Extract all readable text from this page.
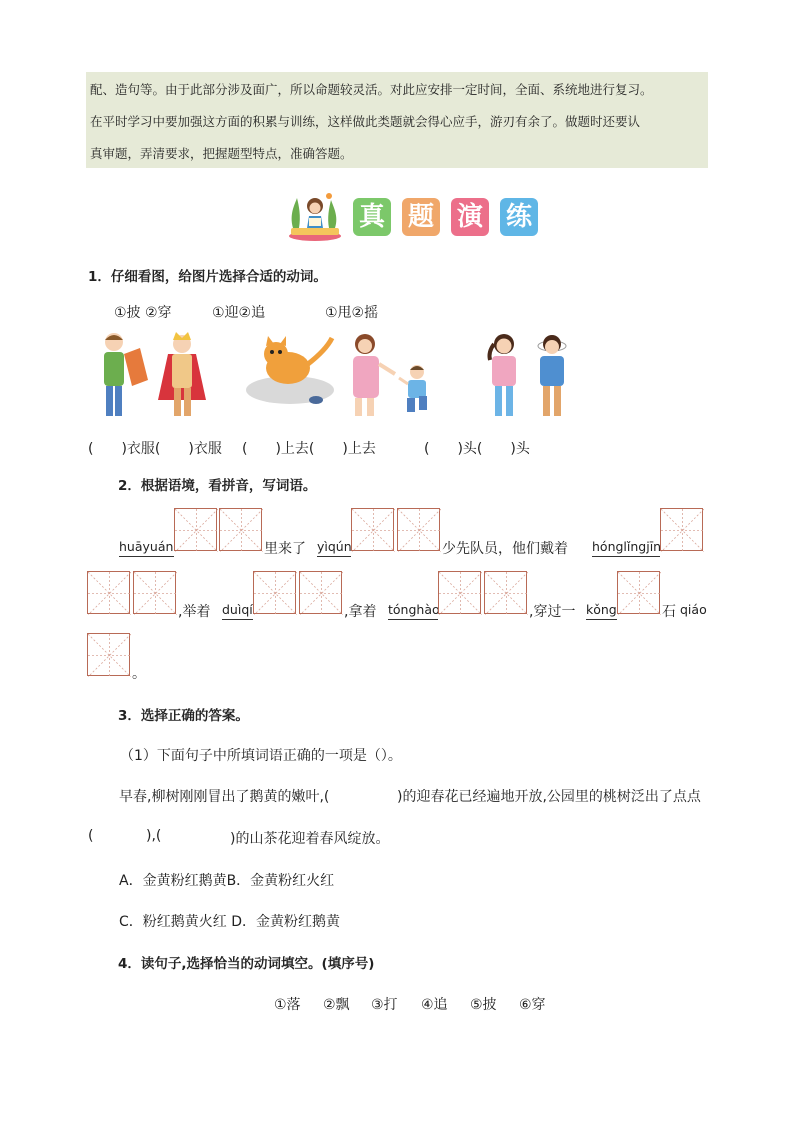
配、造句等。由于此部分涉及面广，所以命题较灵活。对此应安排一定时间，全面、系统地进行复习。
在平时学习中要加强这方面的积累与训练，这样做此类题就会得心应手，游刃有余了。做题时还要认
真审题，弄清要求，把握题型特点，准确答题。
真 题 演 练
1．仔细看图，给图片选择合适的动词。
①披 ②穿	①迎②追	①甩②摇
(　　)衣服(　　)衣服 (　　)上去(　　)上去	(　　)头(　　)头
2．根据语境，看拼音，写词语。
huāyuán	里来了 yìqún	少先队员，他们戴着 hónglǐngjīn
,举着 duìqí	,拿着 tónghào	,穿过一 kǒng	石 qiáo
。
3．选择正确的答案。
（1）下面句子中所填词语正确的一项是（）。
早春,柳树刚刚冒出了鹅黄的嫩叶,(	)的迎春花已经遍地开放,公园里的桃树泛出了点点
(	),(	)的山茶花迎着春风绽放。
A．金黄粉红鹅黄B．金黄粉红火红
C．粉红鹅黄火红 D．金黄粉红鹅黄
4．读句子,选择恰当的动词填空。(填序号)
①落 ②飘 ③打 ④追 ⑤披 ⑥穿
